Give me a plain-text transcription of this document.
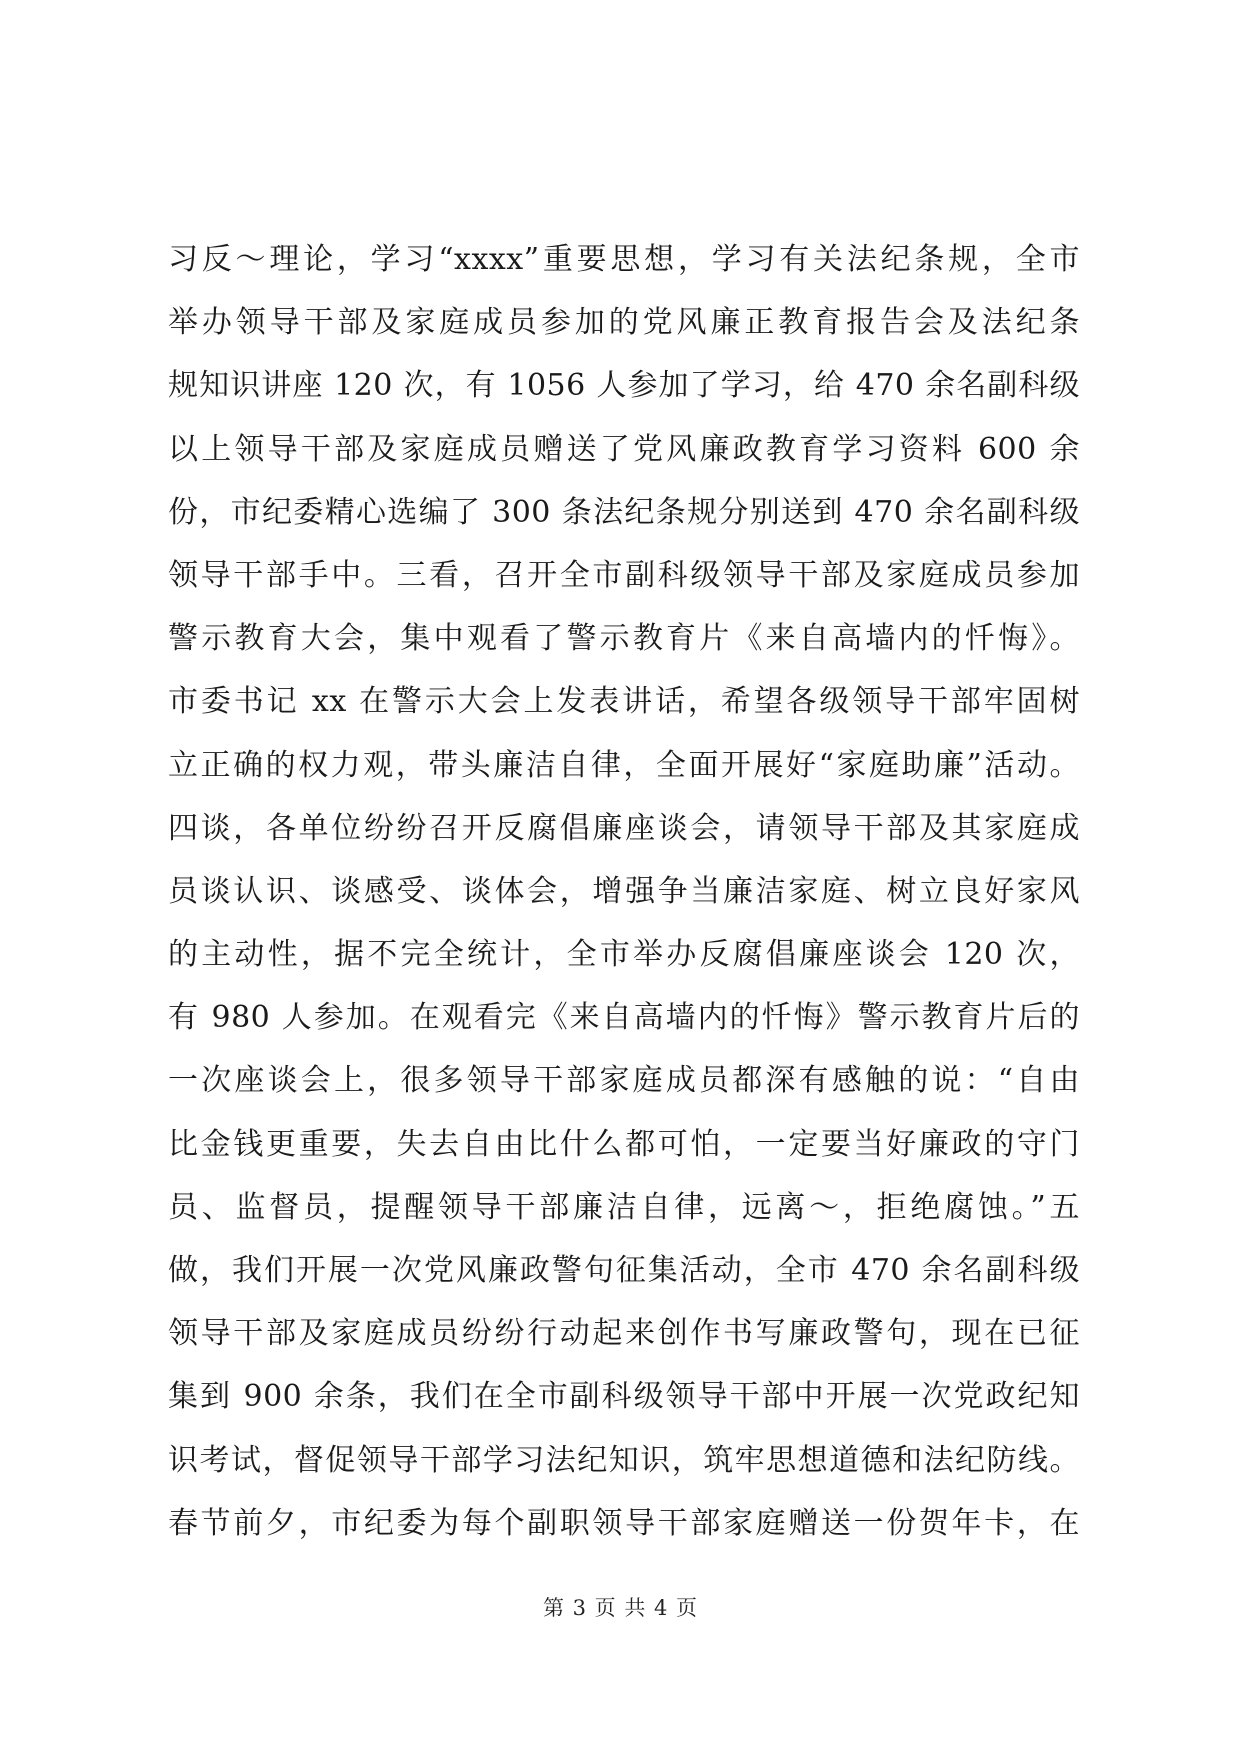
习反～理论，学习“xxxx”重要思想，学习有关法纪条规，全市
举办领导干部及家庭成员参加的党风廉正教育报告会及法纪条
规知识讲座 120 次，有 1056 人参加了学习，给 470 余名副科级
以上领导干部及家庭成员赠送了党风廉政教育学习资料 600 余
份，市纪委精心选编了 300 条法纪条规分别送到 470 余名副科级
领导干部手中。三看，召开全市副科级领导干部及家庭成员参加
警示教育大会，集中观看了警示教育片《来自高墙内的忏悔》。
市委书记 xx 在警示大会上发表讲话，希望各级领导干部牢固树
立正确的权力观，带头廉洁自律，全面开展好“家庭助廉”活动。
四谈，各单位纷纷召开反腐倡廉座谈会，请领导干部及其家庭成
员谈认识、谈感受、谈体会，增强争当廉洁家庭、树立良好家风
的主动性，据不完全统计，全市举办反腐倡廉座谈会 120 次，
有 980 人参加。在观看完《来自高墙内的忏悔》警示教育片后的
一次座谈会上，很多领导干部家庭成员都深有感触的说：“自由
比金钱更重要，失去自由比什么都可怕，一定要当好廉政的守门
员、监督员，提醒领导干部廉洁自律，远离～，拒绝腐蚀。”五
做，我们开展一次党风廉政警句征集活动，全市 470 余名副科级
领导干部及家庭成员纷纷行动起来创作书写廉政警句，现在已征
集到 900 余条，我们在全市副科级领导干部中开展一次党政纪知
识考试，督促领导干部学习法纪知识，筑牢思想道德和法纪防线。
春节前夕，市纪委为每个副职领导干部家庭赠送一份贺年卡，在
第 3 页 共 4 页
